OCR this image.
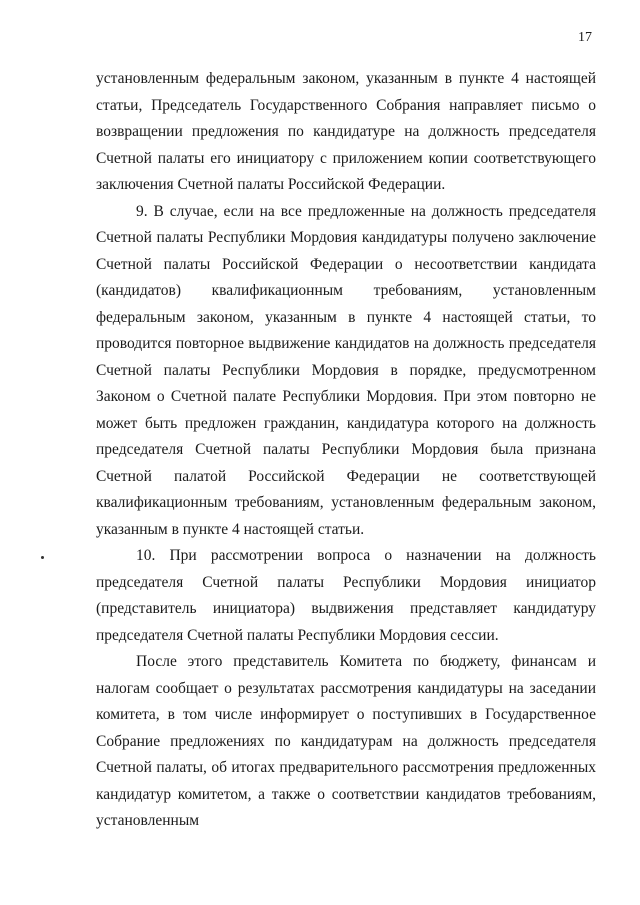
17

установленным федеральным законом, указанным в пункте 4 настоящей статьи, Председатель Государственного Собрания направляет письмо о возвращении предложения по кандидатуре на должность председателя Счетной палаты его инициатору с приложением копии соответствующего заключения Счетной палаты Российской Федерации.

9. В случае, если на все предложенные на должность председателя Счетной палаты Республики Мордовия кандидатуры получено заключение Счетной палаты Российской Федерации о несоответствии кандидата (кандидатов) квалификационным требованиям, установленным федеральным законом, указанным в пункте 4 настоящей статьи, то проводится повторное выдвижение кандидатов на должность председателя Счетной палаты Республики Мордовия в порядке, предусмотренном Законом о Счетной палате Республики Мордовия. При этом повторно не может быть предложен гражданин, кандидатура которого на должность председателя Счетной палаты Республики Мордовия была признана Счетной палатой Российской Федерации не соответствующей квалификационным требованиям, установленным федеральным законом, указанным в пункте 4 настоящей статьи.

10. При рассмотрении вопроса о назначении на должность председателя Счетной палаты Республики Мордовия инициатор (представитель инициатора) выдвижения представляет кандидатуру председателя Счетной палаты Республики Мордовия сессии.

После этого представитель Комитета по бюджету, финансам и налогам сообщает о результатах рассмотрения кандидатуры на заседании комитета, в том числе информирует о поступивших в Государственное Собрание предложениях по кандидатурам на должность председателя Счетной палаты, об итогах предварительного рассмотрения предложенных кандидатур комитетом, а также о соответствии кандидатов требованиям, установленным
